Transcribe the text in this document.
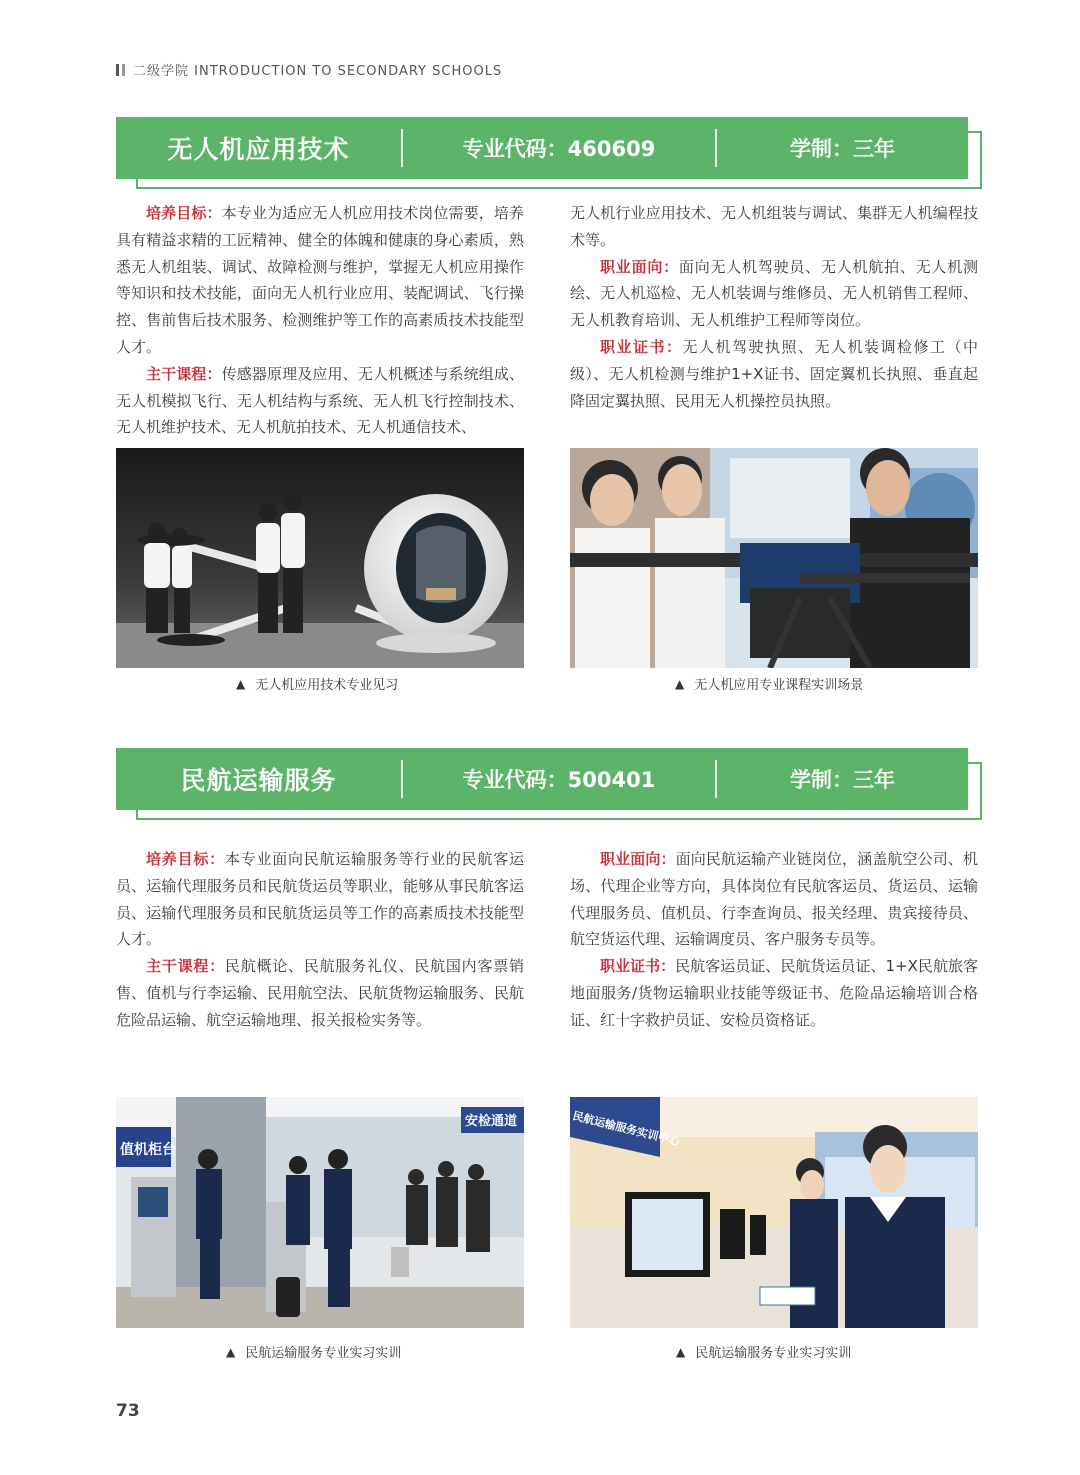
二级学院 INTRODUCTION TO SECONDARY SCHOOLS
无人机应用技术	专业代码：460609	学制：三年

培养目标：本专业为适应无人机应用技术岗位需要，培养具有精益求精的工匠精神、健全的体魄和健康的身心素质，熟悉无人机组装、调试、故障检测与维护，掌握无人机应用操作等知识和技术技能，面向无人机行业应用、装配调试、飞行操控、售前售后技术服务、检测维护等工作的高素质技术技能型人才。

主干课程：传感器原理及应用、无人机概述与系统组成、无人机模拟飞行、无人机结构与系统、无人机飞行控制技术、无人机维护技术、无人机航拍技术、无人机通信技术、

无人机行业应用技术、无人机组装与调试、集群无人机编程技术等。

职业面向：面向无人机驾驶员、无人机航拍、无人机测绘、无人机巡检、无人机装调与维修员、无人机销售工程师、无人机教育培训、无人机维护工程师等岗位。

职业证书：无人机驾驶执照、无人机装调检修工（中级）、无人机检测与维护1+X证书、固定翼机长执照、垂直起降固定翼执照、民用无人机操控员执照。

▲ 无人机应用技术专业见习	▲ 无人机应用专业课程实训场景
民航运输服务	专业代码：500401	学制：三年

培养目标：本专业面向民航运输服务等行业的民航客运员、运输代理服务员和民航货运员等职业，能够从事民航客运员、运输代理服务员和民航货运员等工作的高素质技术技能型人才。

主干课程：民航概论、民航服务礼仪、民航国内客票销售、值机与行李运输、民用航空法、民航货物运输服务、民航危险品运输、航空运输地理、报关报检实务等。

职业面向：面向民航运输产业链岗位，涵盖航空公司、机场、代理企业等方向，具体岗位有民航客运员、货运员、运输代理服务员、值机员、行李查询员、报关经理、贵宾接待员、航空货运代理、运输调度员、客户服务专员等。

职业证书：民航客运员证、民航货运员证、1+X民航旅客地面服务/货物运输职业技能等级证书、危险品运输培训合格证、红十字救护员证、安检员资格证。

值机柜台
安检通道	民航运输服务实训中心
▲ 民航运输服务专业实习实训	▲ 民航运输服务专业实习实训
73
